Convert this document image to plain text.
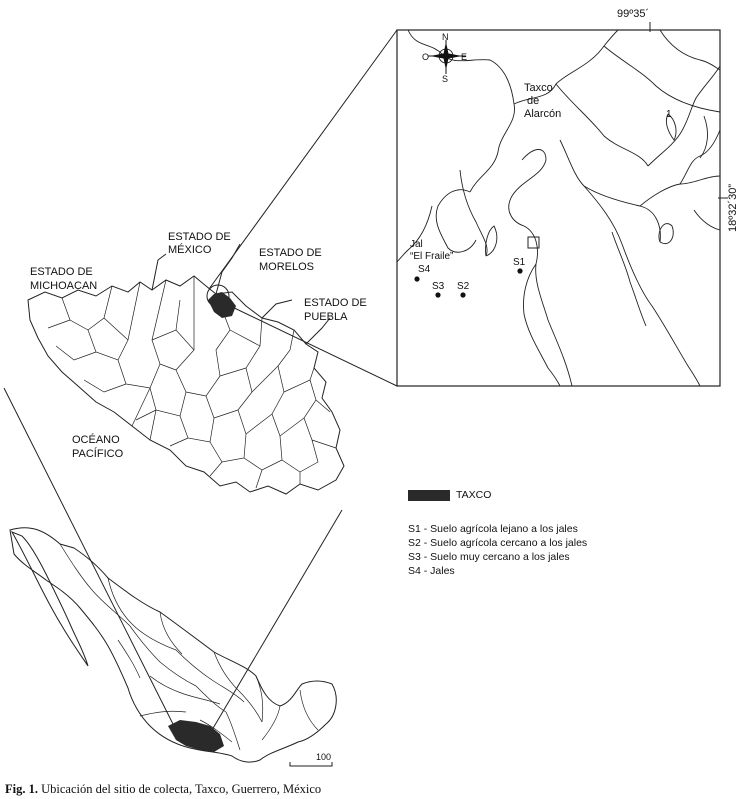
ESTADO DE MÉXICO	ESTADO DE MORELOS
ESTADO DE MICHOACAN
ESTADO DE PUEBLA
OCÉANO PACÍFICO
99º35´
18º32´30”
N
S
E
O
Taxco de Alarcón	1
Jal “El Fraile”
S1
S2
S3
S4
100
TAXCO
S1 - Suelo agrícola lejano a los jales
S2 - Suelo agrícola cercano a los jales
S3 - Suelo muy cercano a los jales
S4 - Jales
Fig. 1. Ubicación del sitio de colecta, Taxco, Guerrero, México
